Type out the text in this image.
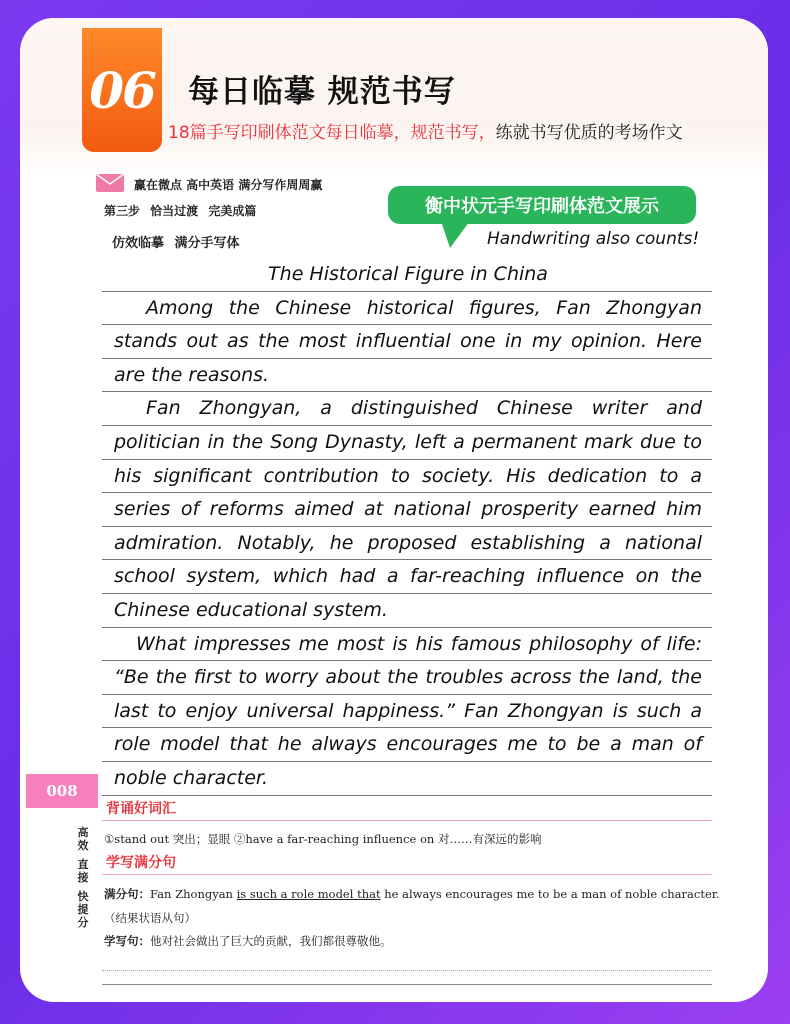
06 每日临摹 规范书写
18篇手写印刷体范文每日临摹，规范书写，练就书写优质的考场作文
赢在微点 高中英语 满分写作周周赢
第三步 恰当过渡 完美成篇
仿效临摹 满分手写体
衡中状元手写印刷体范文展示
Handwriting also counts!
The Historical Figure in China
Among the Chinese historical figures, Fan Zhongyan
stands out as the most influential one in my opinion. Here
are the reasons.
Fan Zhongyan, a distinguished Chinese writer and
politician in the Song Dynasty, left a permanent mark due to
his significant contribution to society. His dedication to a
series of reforms aimed at national prosperity earned him
admiration. Notably, he proposed establishing a national
school system, which had a far-reaching influence on the
Chinese educational system.
What impresses me most is his famous philosophy of life:
“Be the first to worry about the troubles across the land, the
last to enjoy universal happiness.” Fan Zhongyan is such a
role model that he always encourages me to be a man of
noble character.
008
高效
直接
快提分
背诵好词汇
①stand out 突出；显眼 ②have a far-reaching influence on 对……有深远的影响
学写满分句
满分句：Fan Zhongyan is such a role model that he always encourages me to be a man of noble character.
（结果状语从句）
学写句：他对社会做出了巨大的贡献，我们都很尊敬他。
